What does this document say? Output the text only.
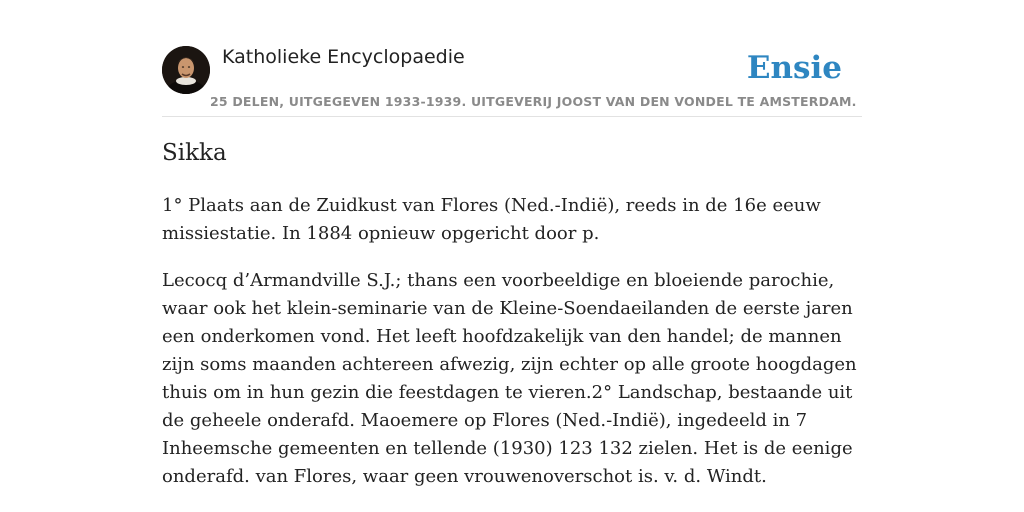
Katholieke Encyclopaedie
25 DELEN, UITGEGEVEN 1933-1939. UITGEVERIJ JOOST VAN DEN VONDEL TE AMSTERDAM.
Ensie
Sikka

1° Plaats aan de Zuidkust van Flores (Ned.-Indië), reeds in de 16e eeuw missiestatie. In 1884 opnieuw opgericht door p.

Lecocq d’Armandville S.J.; thans een voorbeeldige en bloeiende parochie, waar ook het klein-seminarie van de Kleine-Soendaeilanden de eerste jaren een onderkomen vond. Het leeft hoofdzakelijk van den handel; de mannen zijn soms maanden achtereen afwezig, zijn echter op alle groote hoogdagen thuis om in hun gezin die feestdagen te vieren.2° Landschap, bestaande uit de geheele onderafd. Maoemere op Flores (Ned.-Indië), ingedeeld in 7 Inheemsche gemeenten en tellende (1930) 123 132 zielen. Het is de eenige onderafd. van Flores, waar geen vrouwenoverschot is. v. d. Windt.
